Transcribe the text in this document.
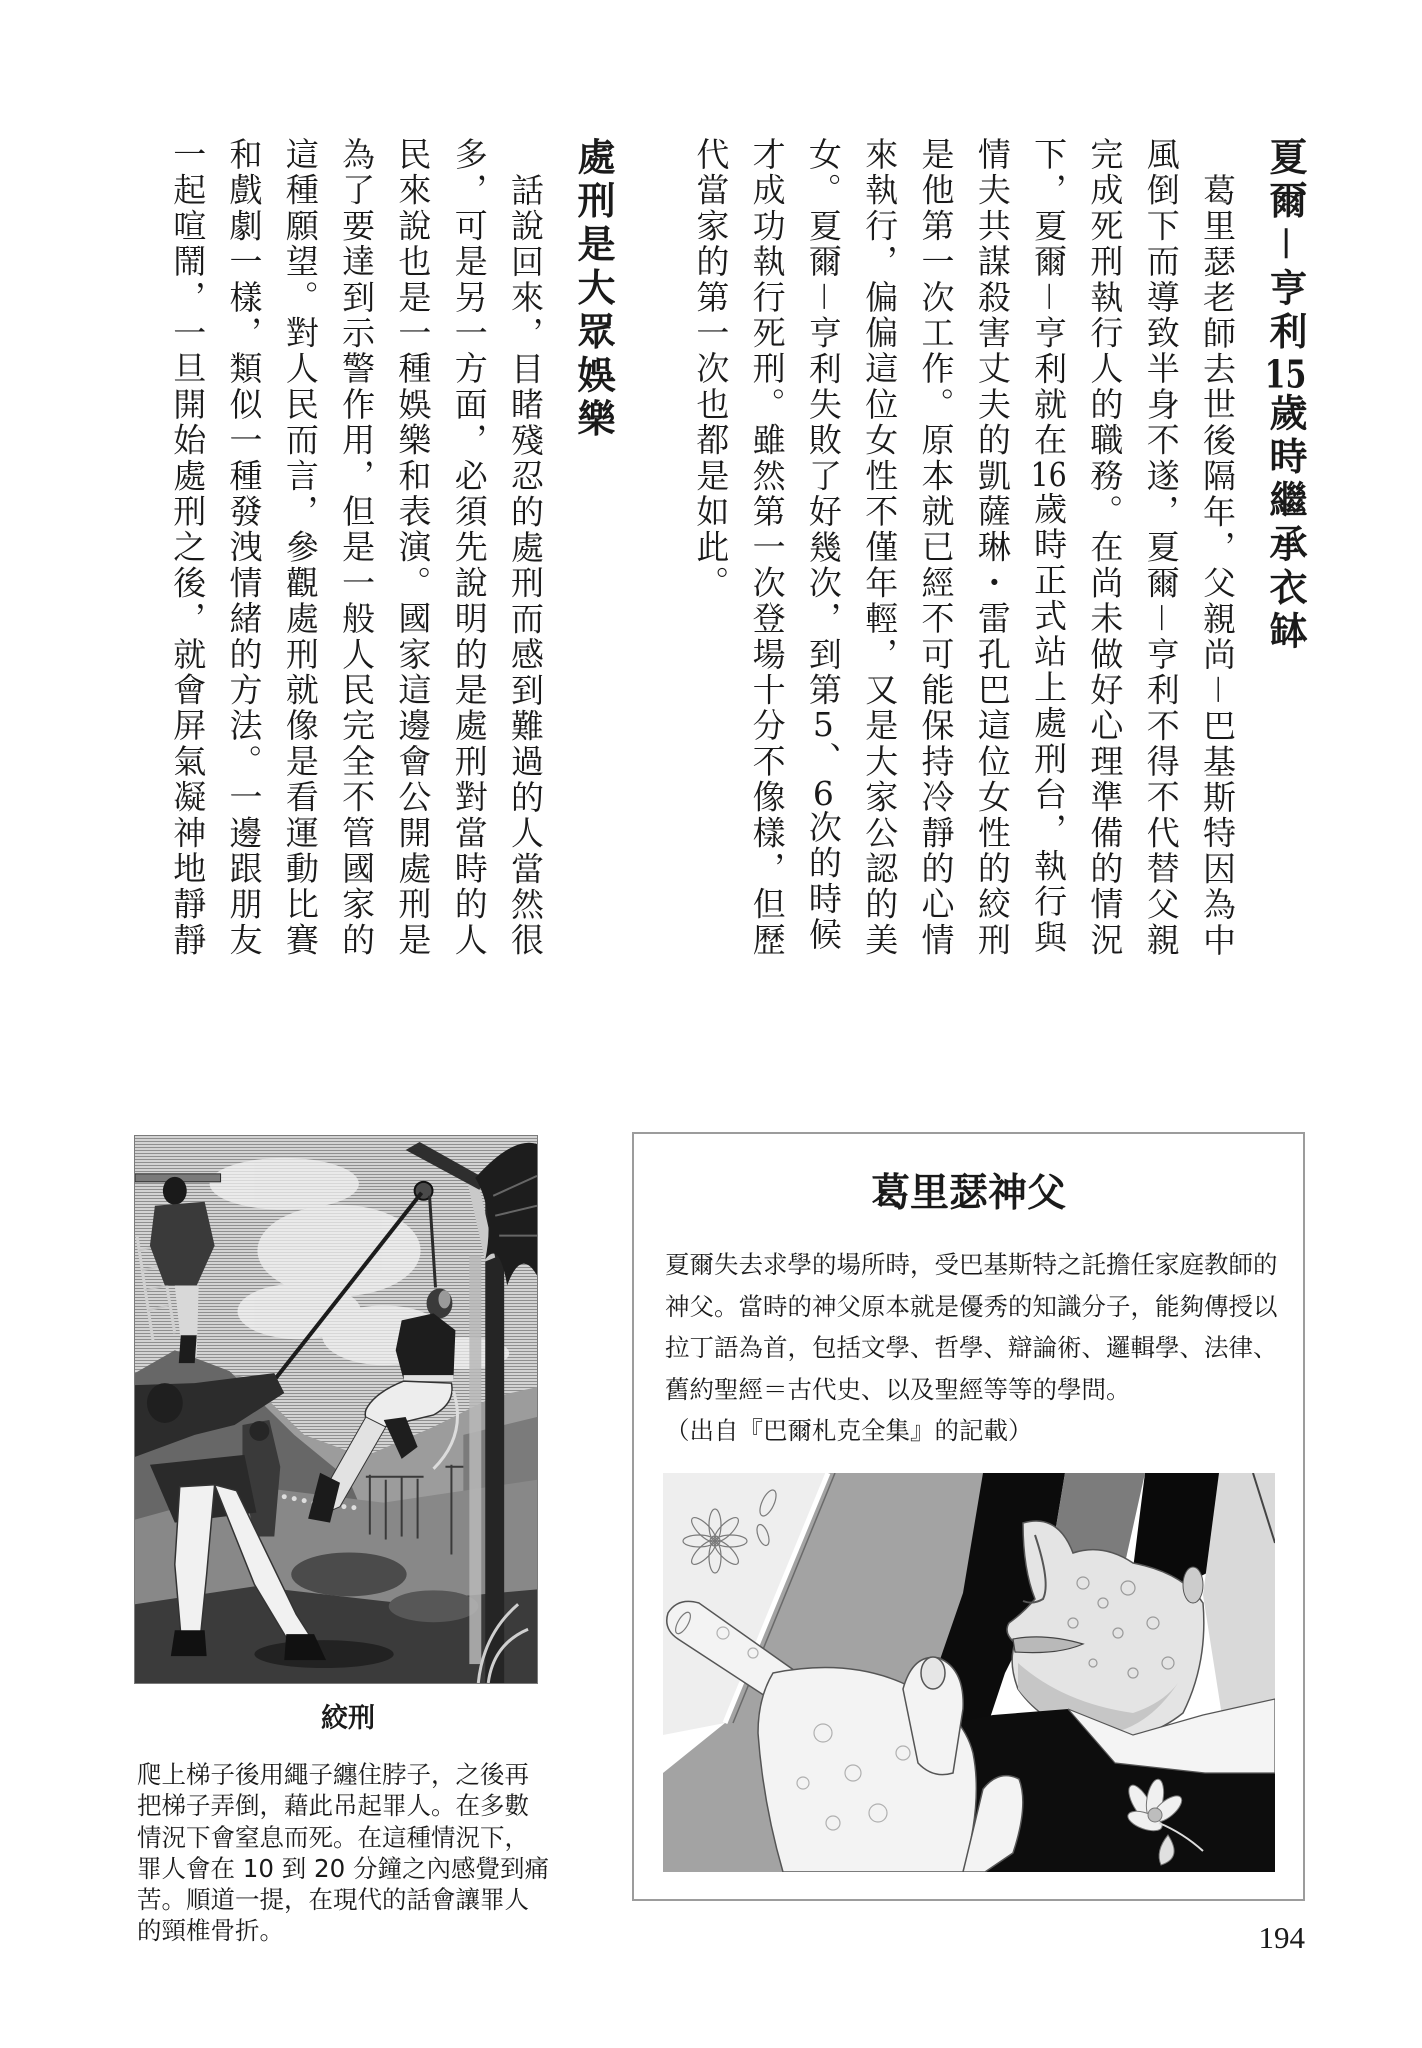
夏爾－亨利15歲時繼承衣缽
葛里瑟老師去世後隔年，父親尚－巴基斯特因為中
風倒下而導致半身不遂，夏爾－亨利不得不代替父親
完成死刑執行人的職務。在尚未做好心理準備的情況
下，夏爾－亨利就在16歲時正式站上處刑台，執行與
情夫共謀殺害丈夫的凱薩琳・雷孔巴這位女性的絞刑
是他第一次工作。原本就已經不可能保持冷靜的心情
來執行，偏偏這位女性不僅年輕，又是大家公認的美
女。夏爾－亨利失敗了好幾次，到第5、6次的時候
才成功執行死刑。雖然第一次登場十分不像樣，但歷
代當家的第一次也都是如此。
處刑是大眾娛樂
話說回來，目睹殘忍的處刑而感到難過的人當然很
多，可是另一方面，必須先說明的是處刑對當時的人
民來說也是一種娛樂和表演。國家這邊會公開處刑是
為了要達到示警作用，但是一般人民完全不管國家的
這種願望。對人民而言，參觀處刑就像是看運動比賽
和戲劇一樣，類似一種發洩情緒的方法。一邊跟朋友
一起喧鬧，一旦開始處刑之後，就會屏氣凝神地靜靜
絞刑
爬上梯子後用繩子纏住脖子，之後再
把梯子弄倒，藉此吊起罪人。在多數
情況下會窒息而死。在這種情況下，
罪人會在 10 到 20 分鐘之內感覺到痛
苦。順道一提，在現代的話會讓罪人
的頸椎骨折。
葛里瑟神父
夏爾失去求學的場所時，受巴基斯特之託擔任家庭教師的
神父。當時的神父原本就是優秀的知識分子，能夠傳授以
拉丁語為首，包括文學、哲學、辯論術、邏輯學、法律、
舊約聖經＝古代史、以及聖經等等的學問。
（出自『巴爾札克全集』的記載）
194
